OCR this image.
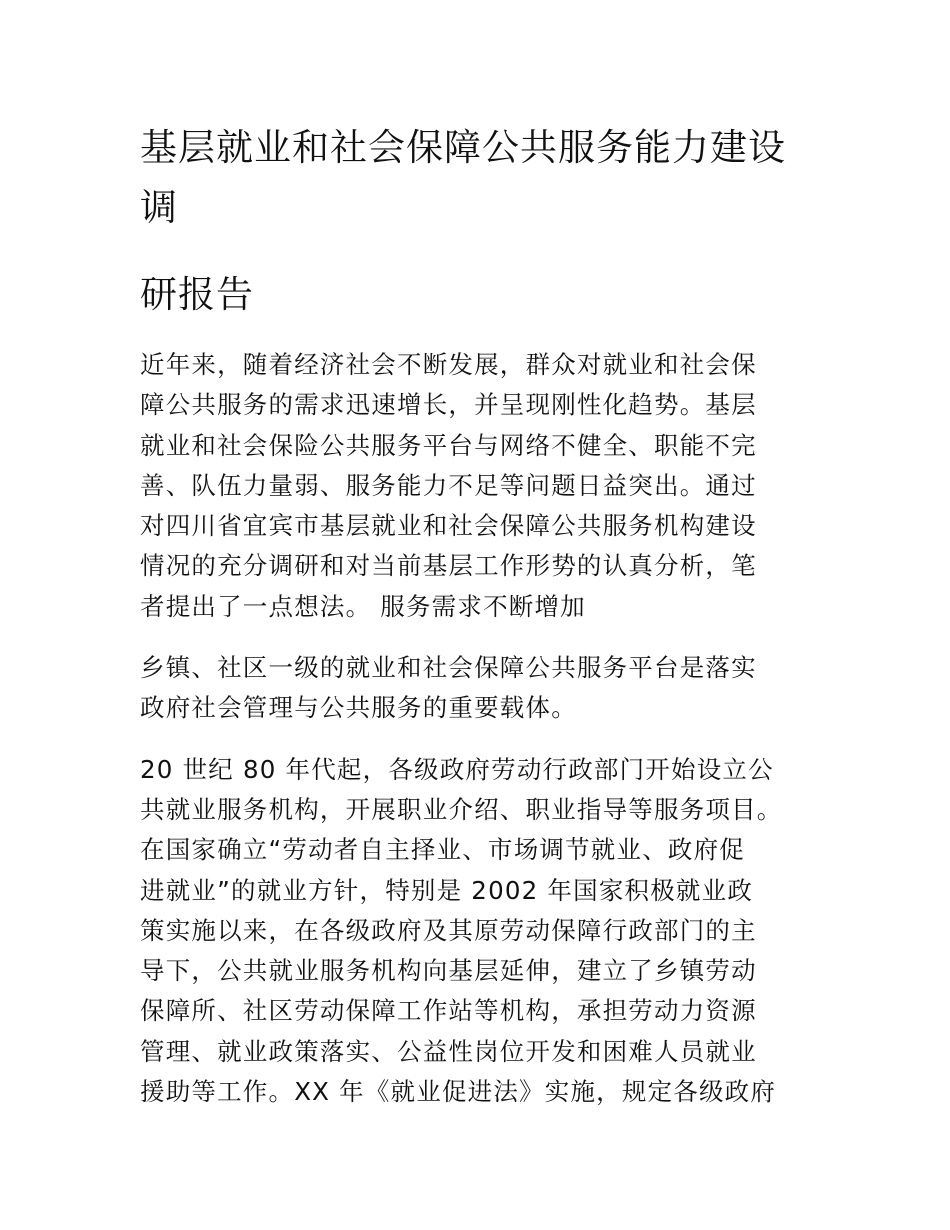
基层就业和社会保障公共服务能力建设
调
研报告

近年来，随着经济社会不断发展，群众对就业和社会保
障公共服务的需求迅速增长，并呈现刚性化趋势。基层
就业和社会保险公共服务平台与网络不健全、职能不完
善、队伍力量弱、服务能力不足等问题日益突出。通过
对四川省宜宾市基层就业和社会保障公共服务机构建设
情况的充分调研和对当前基层工作形势的认真分析，笔
者提出了一点想法。 服务需求不断增加

乡镇、社区一级的就业和社会保障公共服务平台是落实
政府社会管理与公共服务的重要载体。

20 世纪 80 年代起，各级政府劳动行政部门开始设立公
共就业服务机构，开展职业介绍、职业指导等服务项目。
在国家确立“劳动者自主择业、市场调节就业、政府促
进就业”的就业方针，特别是 2002 年国家积极就业政
策实施以来，在各级政府及其原劳动保障行政部门的主
导下，公共就业服务机构向基层延伸，建立了乡镇劳动
保障所、社区劳动保障工作站等机构，承担劳动力资源
管理、就业政策落实、公益性岗位开发和困难人员就业
援助等工作。XX 年《就业促进法》实施，规定各级政府
